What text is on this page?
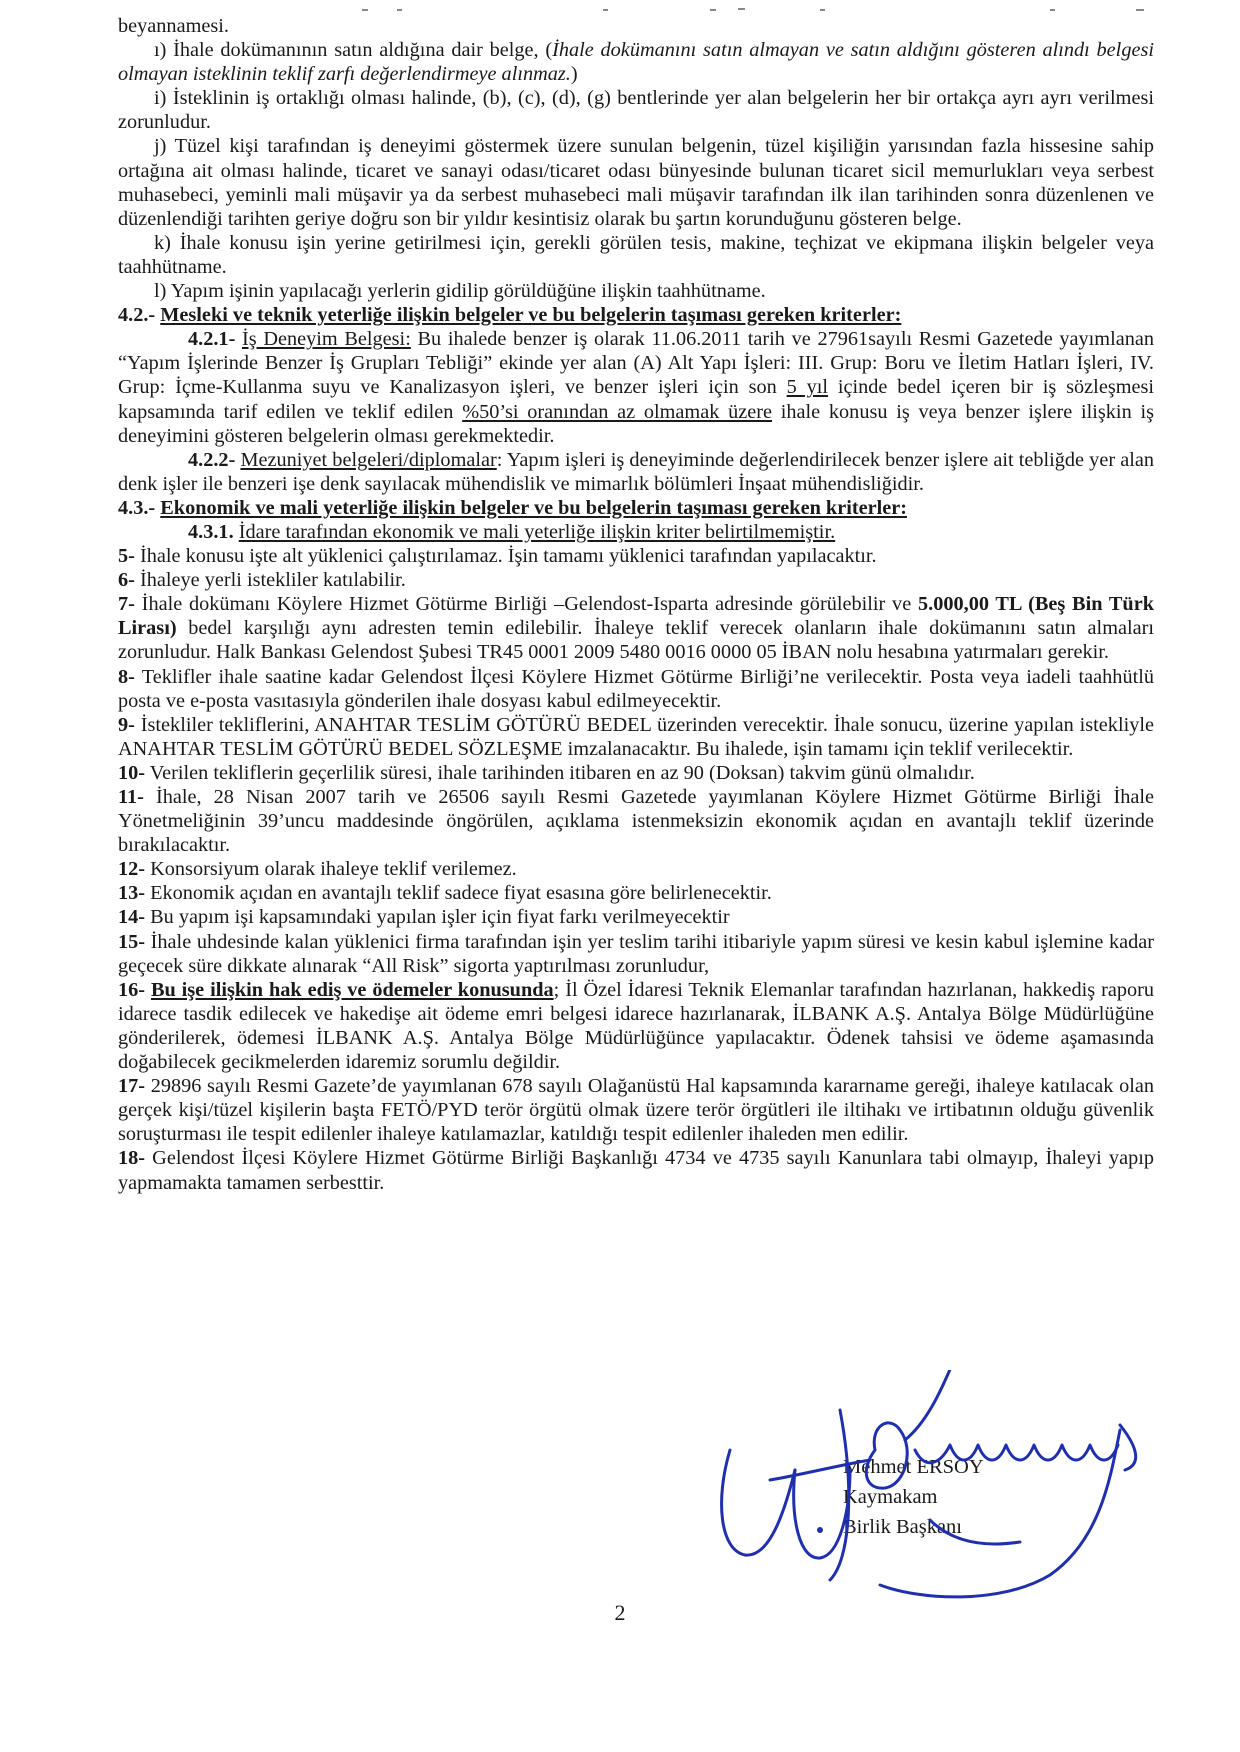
beyannamesi.

ı) İhale dokümanının satın aldığına dair belge, (İhale dokümanını satın almayan ve satın aldığını gösteren alındı belgesi olmayan isteklinin teklif zarfı değerlendirmeye alınmaz.)

i) İsteklinin iş ortaklığı olması halinde, (b), (c), (d), (g) bentlerinde yer alan belgelerin her bir ortakça ayrı ayrı verilmesi zorunludur.

j) Tüzel kişi tarafından iş deneyimi göstermek üzere sunulan belgenin, tüzel kişiliğin yarısından fazla hissesine sahip ortağına ait olması halinde, ticaret ve sanayi odası/ticaret odası bünyesinde bulunan ticaret sicil memurlukları veya serbest muhasebeci, yeminli mali müşavir ya da serbest muhasebeci mali müşavir tarafından ilk ilan tarihinden sonra düzenlenen ve düzenlendiği tarihten geriye doğru son bir yıldır kesintisiz olarak bu şartın korunduğunu gösteren belge.

k) İhale konusu işin yerine getirilmesi için, gerekli görülen tesis, makine, teçhizat ve ekipmana ilişkin belgeler veya taahhütname.

l) Yapım işinin yapılacağı yerlerin gidilip görüldüğüne ilişkin taahhütname.

4.2.- Mesleki ve teknik yeterliğe ilişkin belgeler ve bu belgelerin taşıması gereken kriterler:

4.2.1- İş Deneyim Belgesi: Bu ihalede benzer iş olarak 11.06.2011 tarih ve 27961sayılı Resmi Gazetede yayımlanan “Yapım İşlerinde Benzer İş Grupları Tebliği” ekinde yer alan (A) Alt Yapı İşleri: III. Grup: Boru ve İletim Hatları İşleri, IV. Grup: İçme-Kullanma suyu ve Kanalizasyon işleri, ve benzer işleri için son 5 yıl içinde bedel içeren bir iş sözleşmesi kapsamında tarif edilen ve teklif edilen %50’si oranından az olmamak üzere ihale konusu iş veya benzer işlere ilişkin iş deneyimini gösteren belgelerin olması gerekmektedir.

4.2.2- Mezuniyet belgeleri/diplomalar: Yapım işleri iş deneyiminde değerlendirilecek benzer işlere ait tebliğde yer alan denk işler ile benzeri işe denk sayılacak mühendislik ve mimarlık bölümleri İnşaat mühendisliğidir.

4.3.- Ekonomik ve mali yeterliğe ilişkin belgeler ve bu belgelerin taşıması gereken kriterler:

4.3.1. İdare tarafından ekonomik ve mali yeterliğe ilişkin kriter belirtilmemiştir.

5- İhale konusu işte alt yüklenici çalıştırılamaz. İşin tamamı yüklenici tarafından yapılacaktır.

6- İhaleye yerli istekliler katılabilir.

7- İhale dokümanı Köylere Hizmet Götürme Birliği –Gelendost-Isparta adresinde görülebilir ve 5.000,00 TL (Beş Bin Türk Lirası) bedel karşılığı aynı adresten temin edilebilir. İhaleye teklif verecek olanların ihale dokümanını satın almaları zorunludur. Halk Bankası Gelendost Şubesi TR45 0001 2009 5480 0016 0000 05 İBAN nolu hesabına yatırmaları gerekir.

8- Teklifler ihale saatine kadar Gelendost İlçesi Köylere Hizmet Götürme Birliği’ne verilecektir. Posta veya iadeli taahhütlü posta ve e-posta vasıtasıyla gönderilen ihale dosyası kabul edilmeyecektir.

9- İstekliler tekliflerini, ANAHTAR TESLİM GÖTÜRÜ BEDEL üzerinden verecektir. İhale sonucu, üzerine yapılan istekliyle ANAHTAR TESLİM GÖTÜRÜ BEDEL SÖZLEŞME imzalanacaktır. Bu ihalede, işin tamamı için teklif verilecektir.

10- Verilen tekliflerin geçerlilik süresi, ihale tarihinden itibaren en az 90 (Doksan) takvim günü olmalıdır.

11- İhale, 28 Nisan 2007 tarih ve 26506 sayılı Resmi Gazetede yayımlanan Köylere Hizmet Götürme Birliği İhale Yönetmeliğinin 39’uncu maddesinde öngörülen, açıklama istenmeksizin ekonomik açıdan en avantajlı teklif üzerinde bırakılacaktır.

12- Konsorsiyum olarak ihaleye teklif verilemez.

13- Ekonomik açıdan en avantajlı teklif sadece fiyat esasına göre belirlenecektir.

14- Bu yapım işi kapsamındaki yapılan işler için fiyat farkı verilmeyecektir

15- İhale uhdesinde kalan yüklenici firma tarafından işin yer teslim tarihi itibariyle yapım süresi ve kesin kabul işlemine kadar geçecek süre dikkate alınarak “All Risk” sigorta yaptırılması zorunludur,

16- Bu işe ilişkin hak ediş ve ödemeler konusunda; İl Özel İdaresi Teknik Elemanlar tarafından hazırlanan, hakkediş raporu idarece tasdik edilecek ve hakedişe ait ödeme emri belgesi idarece hazırlanarak, İLBANK A.Ş. Antalya Bölge Müdürlüğüne gönderilerek, ödemesi İLBANK A.Ş. Antalya Bölge Müdürlüğünce yapılacaktır. Ödenek tahsisi ve ödeme aşamasında doğabilecek gecikmelerden idaremiz sorumlu değildir.

17- 29896 sayılı Resmi Gazete’de yayımlanan 678 sayılı Olağanüstü Hal kapsamında kararname gereği, ihaleye katılacak olan gerçek kişi/tüzel kişilerin başta FETÖ/PYD terör örgütü olmak üzere terör örgütleri ile iltihakı ve irtibatının olduğu güvenlik soruşturması ile tespit edilenler ihaleye katılamazlar, katıldığı tespit edilenler ihaleden men edilir.

18- Gelendost İlçesi Köylere Hizmet Götürme Birliği Başkanlığı 4734 ve 4735 sayılı Kanunlara tabi olmayıp, İhaleyi yapıp yapmamakta tamamen serbesttir.

Mehmet ERSOY
Kaymakam
Birlik Başkanı
2
